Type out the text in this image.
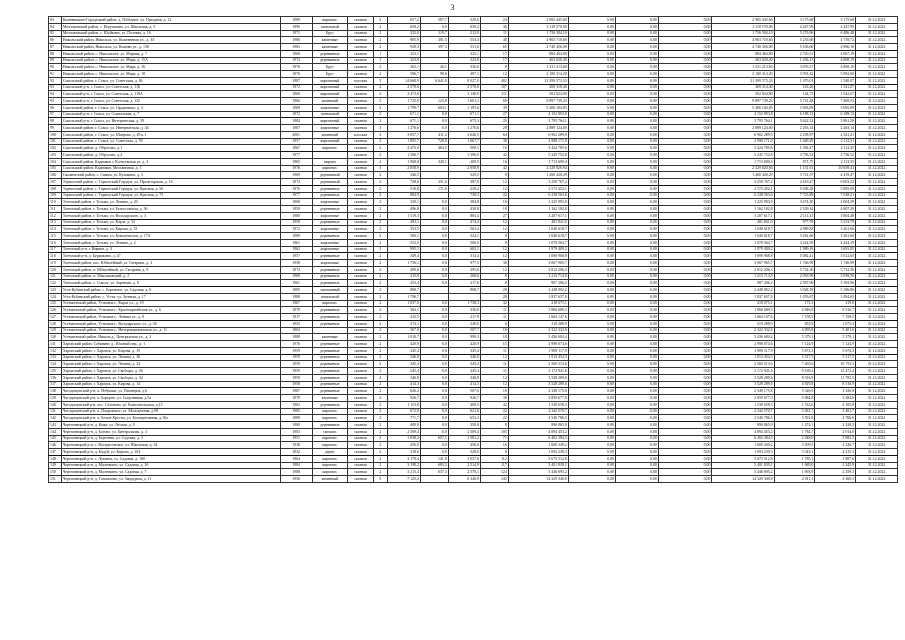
3
83	Кожевниково-Городецкий район, д. Победное, ул. Праздная, д. 12	1989	кирпичн.	скатная	2	657,2	387,7	329,6	24	2 965 445,60	0,00	0,00	0,00	2 965 445,60	3 175,68	3 175,68	31.12.2022
84	Молчановский район, с. Игрушкино, ул. Школьная, д. 5	1990	панельный	скатная	2	658,2	0,0	658,2	36	3 118 570,00	0,00	0,00	0,00	3 118 570,00	4 447,99	4 447,99	31.12.2022
85	Молчановский район, с. Шуйкино, ул. Полевая, д. 16	1971	Брус	скатная	2	332,6	119,7	212,9	11	1 756 584,10	0,00	0,00	0,00	1 756 584,10	5 276,96	6 486,48	31.12.2022
86	Никольский район, Никольск, ул. Кожевенная ул., д. 35	1986	каменные	скатная	2	905,9	401,5	554,4	40	4 963 710,60	0,00	0,00	0,00	4 963 710,60	5 235,68	4 739,72	31.12.2022
87	Никольский район, Никольск, ул. Кожевн ул., д. 130	1983	каменные	скатная	2	928,3	397,3	531,0	65	4 740 456,00	0,00	0,00	0,00	4 740 456,00	5 106,60	4 866,10	31.12.2022
88	Никольский район, с. Никольское, ул. Мирная, д. 7	1968	деревянные	скатная	1	323,1		323,1	17	884 464,80	0,00	0,00	0,00	884 464,80	2 720,51	4 867,19	31.12.2022
89	Никольский район, с. Никольское, ул. Мира, д. 15А	1974	деревянные	скатная	1	323,8		323,8	17	463 020,40	0,00	0,00	0,00	463 020,40	1 436,13	4 868,19	31.12.2022
90	Никольский район, с. Никольское, ул. Мира, д. 16	1976	Брус	скатная	2	362,1	26,1	336,0	8	1 331 213,60	0,00	0,00	0,00	1 331 213,60	3 676,37	4 869,19	31.12.2022
91	Никольский район, с. Никольское, ул. Мира, д. 18	1976	Брус	скатная	2	596,7	99,6	497,1	12	2 100 314,20	0,00	0,00	0,00	2 100 314,20	3 591,42	5 992,60	31.12.2022
92	Сокольский район, г. Сокол, ул. Советская, д. 84	1987	кирпичный	плоская	5	14 668,9	6 641,0	8 027,0	402	21 399 573,33	0,00	0,00	0,00	21 399 573,33	1 479,01	1 540,07	31.12.2022
93	Сокольский р-н, г. Сокол, ул. Советская, д. 116	1972	кирпичный	скатная	2	2 578,6		2 578,0	107	269 318,40	0,00	0,00	0,00	369 314,40	143,26	1 541,07	31.12.2022
94	Сокольский р-н, г. Сокол, ул. Советская, д. 118А	1969	кирпичный	скатная	2	3 473,8		3 148,9	111	502 824,80	0,00	0,00	0,00	502 824,80	144,75	1 542,07	31.12.2022
95	Сокольский р-н, г. Сокол, ул. Советская, д. 125	1966	каменный	скатная	5	1 725,9	123,8	1 601,1	69	9 897 739,23	0,00	0,00	0,00	9 897 739,23	5 741,48	7 469,53	31.12.2022
96	Сокольский район, г. Сокол, ул. Орджоника, д. 4	1969	кирпичные	скатная	2	1 799,7	604,1	1 195,6	39	5 406 104,85	0,00	0,00	0,00	5 406 104,85	3 003,89	3 005,89	31.12.2022
97	Сокольский р-н, г. Сокол, ул. Социальная, д. 7	1972	панельный	скатная	2	671,1	0,0	671,1	27	4 152 893,8	0,00	0,00	0,00	4 152 893,8	6 188,13	6 188,13	31.12.2022
98	Сокольский р-н, г. Сокол, ул. Интернатская, д. 39	1984	кирпичный	скатная	2	671,1	0,0	675,3	20	3 795 764,1	0,00	0,00	0,00	3 795 764,1	5 622,52	5 861,58	31.12.2022
99	Сокольский район, г. Сокол, ул. Интернатская, д. 44	1967	кирпичные	скатная	3	1 276,6	0,0	1 276,6	29	2 889 124,00	0,00	0,00	0,00	2 889 124,00	2 263,14	2 263,14	31.12.2022
100	Сокольский район, г. Сокол, ул. Шатрова, д. 49 к.1	2001	каменный	плоская	3	3 057,7	411,2	2 646,5	64	6 902 289,9	0,00	0,00	0,00	6 902 289,9	2 258,97	2 341,41	31.12.2022
101	Сокольский район, г. Сокол, ул. Советская, д. 59	1957	кирпичный	скатная	2	1 895,7	728,0	1 067,7	38	2 998 171,0	0,00	0,00	0,00	2 998 171,0	1 649,29	2 112,31	31.12.2022
102	Сокольский район, д. Обросово, д.1	1967	кирпичн.	скатная	2	2 472,0	464,5	509,1	16	3 424 785,6	0,00	0,00	0,00	3 424 785,6	1 392,47	2 112,35	31.12.2022
103	Сокольский район, д. Обросово, д.2	1977		скатная	2	1 396,7		1 396,0	42	5 245 752,8	0,00	0,00	0,00	5 245 752,8	3 756,32	3 756,32	31.12.2022
104	Сокольский район, Кадников г, Ксеньевская ул, д. 4	1965	кирпич	скатная	2	1 968,8	320,1	209,5	16	1 713 690,4	0,00	0,00	0,00	1 713 690,4	871,75	2 113,35	31.12.2022
105	Сокольский район, Кадников, Мельничная, д. 1	1976	кирпичн.	скатная	3	2 058,9		2 058,9	42	2 329 820,94	0,00	0,00	0,00	2 329 820,94	1 131,61	10 659,41	31.12.2022
106	Сямженский район, с. Сямжа, ул. Кузьмина, д. 3	1969	деревянный	скатная	2	346,5		329,5	8	1 260 420,29	0,00	0,00	0,00	1 260 420,29	3 721,57	4 419,47	31.12.2022
107	Тарногский район, с. Тарногский Городок, ул. Пролетарская, д. 16	1974	деревянный	скатная	2	728,6	251,6	387,0	12	3 250 767,2	0,00	0,00	0,00	3 250 767,2	4 419,47	6 003,22	31.12.2022
108	Тарногский район, с. Тарногский Городок, ул. Красная, д. 56	1976	деревянные	скатная	2	510,8	171,6	239,2	12	2 573 452,1	0,00	0,00	0,00	2 573 452,1	5 038,28	5 895,09	31.12.2022
109	Тарногский район, с. Тарногский Городок, ул. Красная, д. 75	1977	деревянные	скатная	2	884,9		738,3	22	6 238 563,6	0,00	0,00	0,00	6 238 563,6	7 723,89	7 638,31	31.12.2022
110	Тотемский район, г. Тотьма, ул. Ленина, д. 20	1968	кирпичные	скатная	2	330,1	0,0	384,8	10	1 225 993,9	0,00	0,00	0,00	1 225 993,9	3 674,30	4 004,39	31.12.2022
111	Тотемский район, г. Тотьма, ул. Белоусовская, д. 36	1959	деревянные	скатная	2	496,8	0,0	430,8	18	1 162 182,8	0,00	0,00	0,00	1 162 182,8	2 339,34	4 607,39	31.12.2022
112	Тотемский район, г. Тотьма, ул. Володарского, д. 3	1980	кирпичные	скатная	2	1 519,3	0,0	884,4	27	3 207 617,1	0,00	0,00	0,00	3 207 617,1	2 111,41	3 804,48	31.12.2022
113	Тотемский район, г. Тотьма, ул. Карла, д. 32	1959	деревянные	скатная	2	493,1	0,0	474,4	12	481 841,0	0,00	0,00	0,00	481 841,0	977,76	3 313,79	31.12.2022
114	Тотемский район, г. Тотьма, ул. Кирова, д. 33	1972	кирпичные	скатная	2	553,5	0,0	563,4	12	1 040 618,7	0,00	0,00	0,00	1 040 618,7	2 889,83	3 261,66	31.12.2022
115	Тотемский район, г. Тотьма, ул. Коммунистов, д. 17А	1989	деревянные	скатная	2	560,1	0,0	324,1	8	1 040 618,7	0,00	0,00	0,00	1 040 618,7	3 261,66	3 261,66	31.12.2022
116	Тотемский район, г. Тотьма, ул. Ленина, д. 2	1961	кирпичные	скатная	2	552,0	0,0	506,0	8	1 070 564,7	0,00	0,00	0,00	1 070 564,7	3 224,59	4 424,19	31.12.2022
117	Тотемский р-н, г. Вирков, д. 4	1962	кирпичные	скатная	2	995,1	0,0	602,1	12	1 979 409,2	0,00	0,00	0,00	1 979 409,2	1 989,16	3 693,85	31.12.2022
118	Тотемский р-н, д. Бурмакино, д. 47	1957	деревянные	скатная	2	349,4	0,0	314,4	12	1 690 968,8	0,00	0,00	0,00	1 690 968,8	5 082,41	5 012,65	31.12.2022
119	Тотемский район, пос. Юбилейный, ул. Гагарина, д. 3	1958	кирпичные	скатная	2	1 756,1	0,0	977,5	36	3 067 965,7	0,00	0,00	0,00	3 067 965,7	1 746,99	1 746,99	31.12.2022
120	Тотемский район, п. Юбилейный, ул. Гагарина, д. 9	1974	деревянные	скатная	2	490,6	0,0	295,6	12	2 812 206,3	0,00	0,00	0,00	2 812 206,3	5 732,36	5 732,36	31.12.2022
121	Тотемский район, п. Маклаковский, д. 2	1969	деревянные	скатная	2	415,8	0,0	268,6	8	1 213 714,9	0,00	0,00	0,00	1 213 714,9	2 918,99	3 939,50	31.12.2022
122	Тотемский район, с. Спасье, ул. Заречная, д. 8	1961	деревянные	скатная	2	253,4	0,0	217,6	8	907 206,2	0,00	0,00	0,00	907 206,2	2 587,96	5 183,96	31.12.2022
123	Усть-Кубинский район, с. Бережное, ул. Садовая, д. 6	1985	смешанный	скатная	2	808,7		808,7	29	2 448 802,2	0,00	0,00	0,00	2 448 802,2	3 028,18	5 186,86	31.12.2022
124	Усть-Кубинский район, с. Устье, ул. Зеленая, д. 17	1988	панельный	скатная	2	1 796,7			28	1 837 657,0	0,00	0,00	0,00	1 837 657,0	1 076,67	3 494,65	31.12.2022
125	Устюженский район, Устюжна г., Карла ул., д. 19	1967	кирпичн.	скатная	2	1 837,0	0,0	1 738,3	32	218 075,1	0,00	0,00	0,00	218 075,1	173,1	219,0	31.12.2022
126	Устюженский район, Устюжна г., Красноармейская ул., д. 6	1978	деревянные	скатная	2	384,1	0,0	336,8	11	1 866 689,3	0,00	0,00	0,00	1 866 689,3	4 846,8	6 516,7	31.12.2022
127	Устюженский район, Устюжна г., Ленина ул., д. 8	1917	деревянные	скатная	2	232,5	0,0	217,9	11	1 664 147,6	0,00	0,00	0,00	1 664 147,6	7 158,5	7 158,5	31.12.2022
128	Устюженский район, Устюжна г., Володарского ул., д. 38	1935	деревянные	скатная	2	274,1	0,0	248,0	6	319 288,9	0,00	0,00	0,00	319 288,9	853,9	1 075,4	31.12.2022
129	Устюженский район, Устюжна г., Интернациональная ул., д. 11	1963		скатная	2	567,0	0,0	507,7	18	2 322 332,6	0,00	0,00	0,00	2 322 332,6	4 095,8	5 401,6	31.12.2022
130	Устюженский район, Никола д., Центральная ул., д. 2	1988	каменные	скатная	2	1 010,7	0,0	999,3	18	5 436 684,4	0,00	0,00	0,00	5 436 684,4	5 379,1	5 379,1	31.12.2022
131	Харовский район, Сабинино д., Южный пер., д. 1	1976	деревянные	скатная	2	420,9	0,0	420,9	15	2 998 074,6	0,00	0,00	0,00	2 998 074,6	7 124,9	7 124,9	31.12.2022
132	Харовский район, г. Харовск, ул. Кирова, д. 19	1959	деревянные	скатная	2	345,4	0,0	345,4	11	1 909 117,9	0,00	0,00	0,00	1 909 117,9	5 672,3	5 672,3	31.12.2022
133	Харовский район, г. Харовск, ул. Ленина, д. 26	1959	деревянные	скатная	2	346,8	0,0	346,8	12	1 913 454,3	0,00	0,00	0,00	1 913 454,3	5 517,5	5 517,5	31.12.2022
134	Харовский район, г. Харовск, ул. Ленина, д. 24	1959	деревянные	скатная	2	345,4	0,0	345,4	11	2 560 513,6	0,00	0,00	0,00	2 560 513,6	7 465,6	10 753,3	31.12.2022
135	Харовский район, г. Харовск, ул. Свободы, д. 26	1959	деревянные	скатная	2	245,4	0,0	245,4	11	3 172 941,6	0,00	0,00	0,00	3 172 941,6	9 169,2	12 472,4	31.12.2022
136	Харовский район, г. Харовск, ул. Свободы, д. 34	1959	деревянные	скатная	2	346,8	0,0	346,8	12	3 528 289,6	0,00	0,00	0,00	3 528 289,6	8 516,9	11 785,5	31.12.2022
137	Харовский район, г. Харовск, ул. Кирова, д. 14	1958	деревянные	скатная	2	414,3	0,0	414,3	12	3 528 289,6	0,00	0,00	0,00	3 528 289,6	4 929,8	8 516,9	31.12.2022
138	Чагодощенский р-н, п. Избушки, ул. Пионеров, д.6	1987	деревянные	скатная	2	626,2	0,0	507,0	18	2 349 175,8	0,00	0,00	0,00	2 349 175,8	3 326,9	3 326,9	31.12.2022
139	Чагодощенский р-н, п. Борцово, ул. Спортивная, д.5а	1978	каменные	скатная	2	926,7	0,0	926,7	30	2 859 677,0	0,00	0,00	0,00	2 859 677,0	3 084,8	3 284,6	31.12.2022
140	Чагодощенский р-н, пос. Сазоново, ул. Комсомольская, д.13	1963	деревянные	скатная	2	1 153,8	0,0	409,5	42	1 538 658,3	0,00	0,00	0,00	1 538 658,3	1 333,6	4 105,8	31.12.2022
141	Чагодощенский р-н, п. Покровское, ул. Молодёжная, д.98	1985	кирпичн.	скатная	2	672,8	0,0	621,6	22	2 342 570,7	0,00	0,00	0,00	2 342 570,7	3 481,7	3 481,7	31.12.2022
142	Чагодощенский р-н, п. Белые Кресты, ул. Кооперативная, д.10а	1989	кирпичн.	скатная	2	771,7	0,0	653,2	22	2 546 786,5	0,00	0,00	0,00	2 546 786,5	3 591,8	4 706,0	31.12.2022
143	Череповецкий р-н, д. Кажа, ул. Лесная, д. 8	1980	деревянные	скатная	2	408,8	0,0	358,8	8	896 865,9	0,00	0,00	0,00	896 865,9	1 474,1	2 328,5	31.12.2022
144	Череповецкий р-н, д. Ботово, ул. Центральная, д. 3	1903	смешан.	скатная	2	2 509,4	0,0	2 509,4	105	4 894 453,2	0,00	0,00	0,00	4 894 453,2	1 784,7	2 014,0	31.12.2022
145	Череповецкий р-н, д. Березник, ул. Садовая, д. 3	1951	кирпичн.	скатная	2	1 038,2	657,1	1 581,2	71	6 402 384,3	0,00	0,00	0,00	6 402 384,3	2 048,0	5 082,5	31.12.2022
146	Череповецкий р-н, с. Воскресенское, ул. Школьная, д. 34	1938	кирпичн.	скатная	2	456,0	0,0	456,0	16	1 600 349,2	0,00	0,00	0,00	1 600 349,2	3 509,5	4 226,7	31.12.2022
147	Череповецкий р-н, д. Кадуй, ул. Кирова, д. 104	1932	дерев.	скатная	2	318,6	0,0	328,6	8	1 093 239,3	0,00	0,00	0,00	1 093 239,3	3 343,1	4 215,3	31.12.2022
148	Череповецкий р-н, с. Луковец, ул. Садовая, д. 100	1964	кирпичн.	скатная	2	3 179,4	141,8	3 037,6	112	5 675 512,8	0,00	0,00	0,00	5 675 512,8	1 785,1	1 887,6	31.12.2022
149	Череповецкий р-н, д. Малечкино, ул. Садовая, д. 16	1984	кирпичн.	скатная	2	3 198,2	683,2	2 514,9	117	5 401 839,1	0,00	0,00	0,00	5 401 839,1	1 689,0	2 245,9	31.12.2022
150	Череповецкий р-н, д. Малечкино, ул. Садовая, д. 7	1988	кирпичн.	скатная	2	3 215,4	637,3	2 578,1	124	5 446 695,2	0,00	0,00	0,00	5 446 695,2	1 693,9	2 359,3	31.12.2022
151	Череповецкий р-н, д. Тоншалово, ул. Запрудная, д. 11	1956	каменный	скатная	5	7 125,2		6 340,9	145	14 329 340,8	0,00	0,00	0,00	14 329 340,8	2 011,1	2 360,3	31.12.2022
